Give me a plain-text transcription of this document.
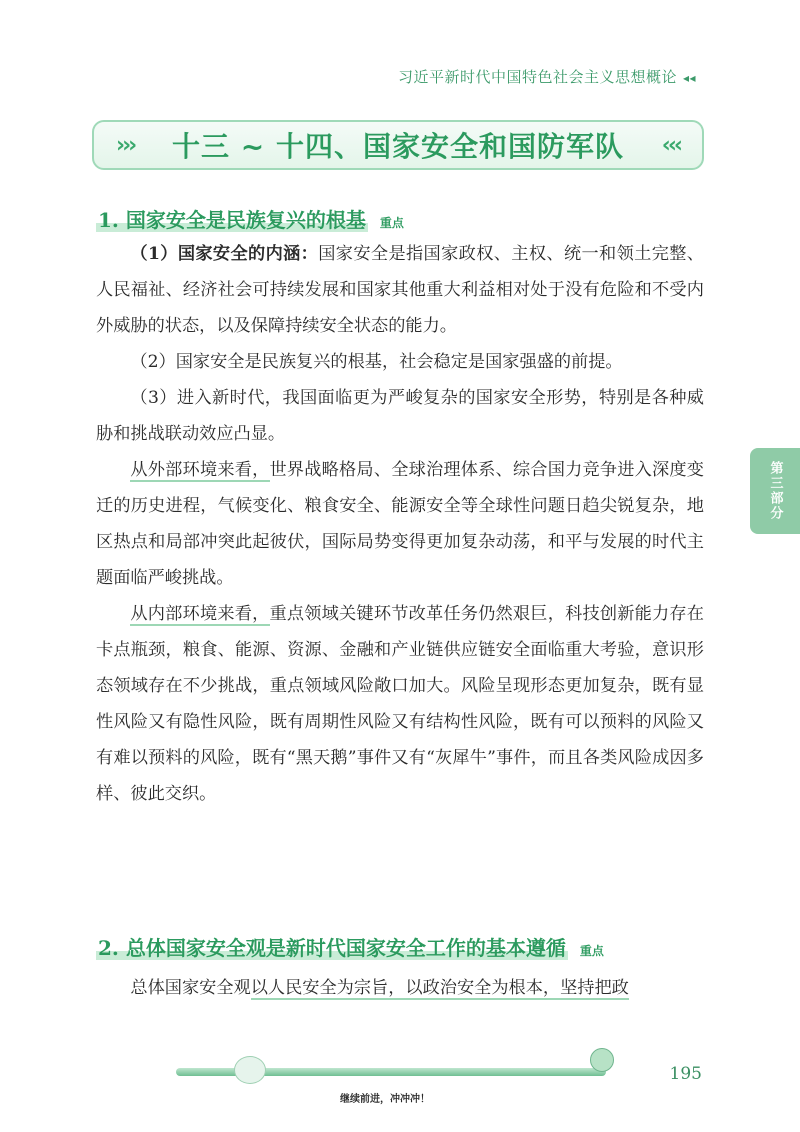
习近平新时代中国特色社会主义思想概论 ◂◂
››› 十三 ~ 十四、国家安全和国防军队 ‹‹‹
1. 国家安全是民族复兴的根基 重点

（1）国家安全的内涵：国家安全是指国家政权、主权、统一和领土完整、人民福祉、经济社会可持续发展和国家其他重大利益相对处于没有危险和不受内外威胁的状态，以及保障持续安全状态的能力。

（2）国家安全是民族复兴的根基，社会稳定是国家强盛的前提。

（3）进入新时代，我国面临更为严峻复杂的国家安全形势，特别是各种威胁和挑战联动效应凸显。

从外部环境来看，世界战略格局、全球治理体系、综合国力竞争进入深度变迁的历史进程，气候变化、粮食安全、能源安全等全球性问题日趋尖锐复杂，地区热点和局部冲突此起彼伏，国际局势变得更加复杂动荡，和平与发展的时代主题面临严峻挑战。

从内部环境来看，重点领域关键环节改革任务仍然艰巨，科技创新能力存在卡点瓶颈，粮食、能源、资源、金融和产业链供应链安全面临重大考验，意识形态领域存在不少挑战，重点领域风险敞口加大。风险呈现形态更加复杂，既有显性风险又有隐性风险，既有周期性风险又有结构性风险，既有可以预料的风险又有难以预料的风险，既有“黑天鹅”事件又有“灰犀牛”事件，而且各类风险成因多样、彼此交织。

2. 总体国家安全观是新时代国家安全工作的基本遵循 重点

总体国家安全观以人民安全为宗旨，以政治安全为根本，坚持把政

第三部分
继续前进，冲冲冲！
195
